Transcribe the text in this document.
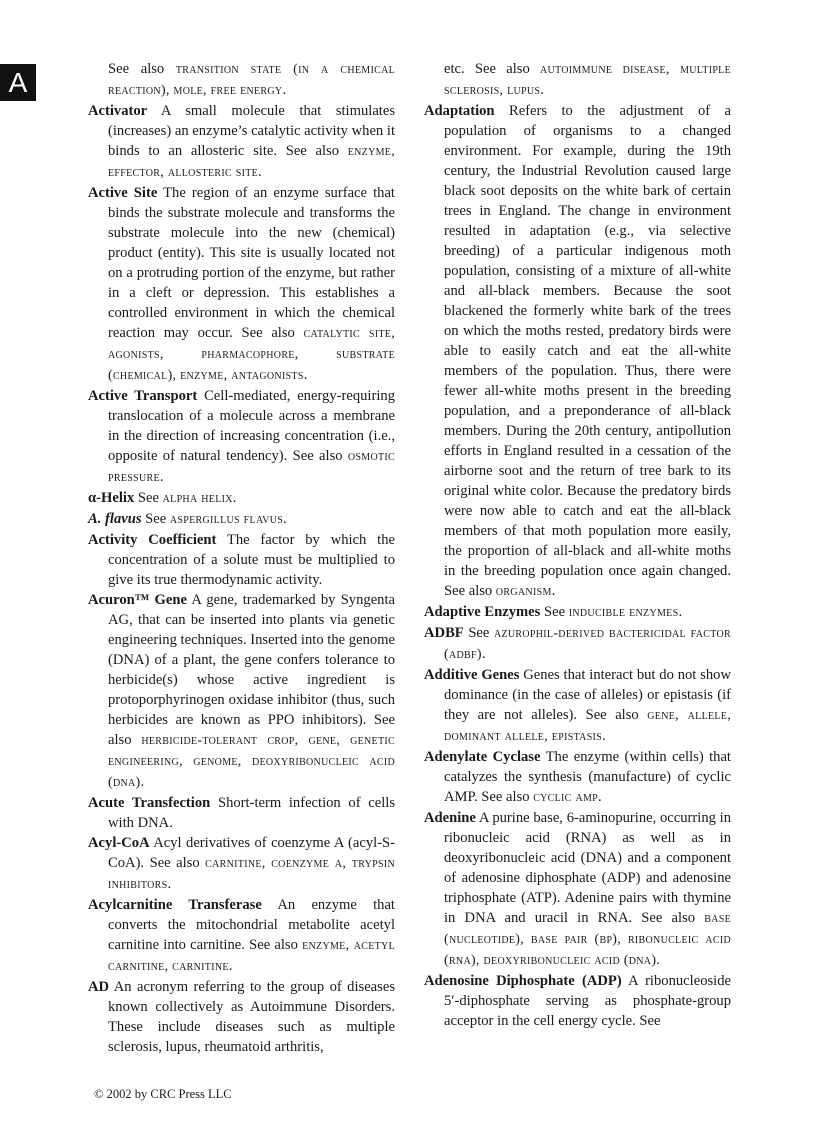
A	See also transition state (in a chemical reaction), mole, free energy.

Activator A small molecule that stimulates (increases) an enzyme’s catalytic activity when it binds to an allosteric site. See also enzyme, effector, allosteric site.

Active Site The region of an enzyme surface that binds the substrate molecule and transforms the substrate molecule into the new (chemical) product (entity). This site is usually located not on a protruding portion of the enzyme, but rather in a cleft or depression. This establishes a controlled environment in which the chemical reaction may occur. See also catalytic site, agonists, pharmacophore, substrate (chemical), enzyme, antagonists.

Active Transport Cell-mediated, energy-requiring translocation of a molecule across a membrane in the direction of increasing concentration (i.e., opposite of natural tendency). See also osmotic pressure.

α-Helix See alpha helix.

A. flavus See aspergillus flavus.

Activity Coefficient The factor by which the concentration of a solute must be multiplied to give its true thermodynamic activity.

Acuron™ Gene A gene, trademarked by Syngenta AG, that can be inserted into plants via genetic engineering techniques. Inserted into the genome (DNA) of a plant, the gene confers tolerance to herbicide(s) whose active ingredient is protoporphyrinogen oxidase inhibitor (thus, such herbicides are known as PPO inhibitors). See also herbicide-tolerant crop, gene, genetic engineering, genome, deoxyribonucleic acid (dna).

Acute Transfection Short-term infection of cells with DNA.

Acyl-CoA Acyl derivatives of coenzyme A (acyl-S-CoA). See also carnitine, coenzyme a, trypsin inhibitors.

Acylcarnitine Transferase An enzyme that converts the mitochondrial metabolite acetyl carnitine into carnitine. See also enzyme, acetyl carnitine, carnitine.

AD An acronym referring to the group of diseases known collectively as Autoimmune Disorders. These include diseases such as multiple sclerosis, lupus, rheumatoid arthritis,

etc. See also autoimmune disease, multiple sclerosis, lupus.

Adaptation Refers to the adjustment of a population of organisms to a changed environment. For example, during the 19th century, the Industrial Revolution caused large black soot deposits on the white bark of certain trees in England. The change in environment resulted in adaptation (e.g., via selective breeding) of a particular indigenous moth population, consisting of a mixture of all-white and all-black members. Because the soot blackened the formerly white bark of the trees on which the moths rested, predatory birds were able to easily catch and eat the all-white members of the population. Thus, there were fewer all-white moths present in the breeding population, and a preponderance of all-black members. During the 20th century, antipollution efforts in England resulted in a cessation of the airborne soot and the return of tree bark to its original white color. Because the predatory birds were now able to catch and eat the all-black members of that moth population more easily, the proportion of all-black and all-white moths in the breeding population once again changed. See also organism.

Adaptive Enzymes See inducible enzymes.

ADBF See azurophil-derived bactericidal factor (adbf).

Additive Genes Genes that interact but do not show dominance (in the case of alleles) or epistasis (if they are not alleles). See also gene, allele, dominant allele, epistasis.

Adenylate Cyclase The enzyme (within cells) that catalyzes the synthesis (manufacture) of cyclic AMP. See also cyclic amp.

Adenine A purine base, 6-aminopurine, occurring in ribonucleic acid (RNA) as well as in deoxyribonucleic acid (DNA) and a component of adenosine diphosphate (ADP) and adenosine triphosphate (ATP). Adenine pairs with thymine in DNA and uracil in RNA. See also base (nucleotide), base pair (bp), ribonucleic acid (rna), deoxyribonucleic acid (dna).

Adenosine Diphosphate (ADP) A ribonucleoside 5′-diphosphate serving as phosphate-group acceptor in the cell energy cycle. See

© 2002 by CRC Press LLC
